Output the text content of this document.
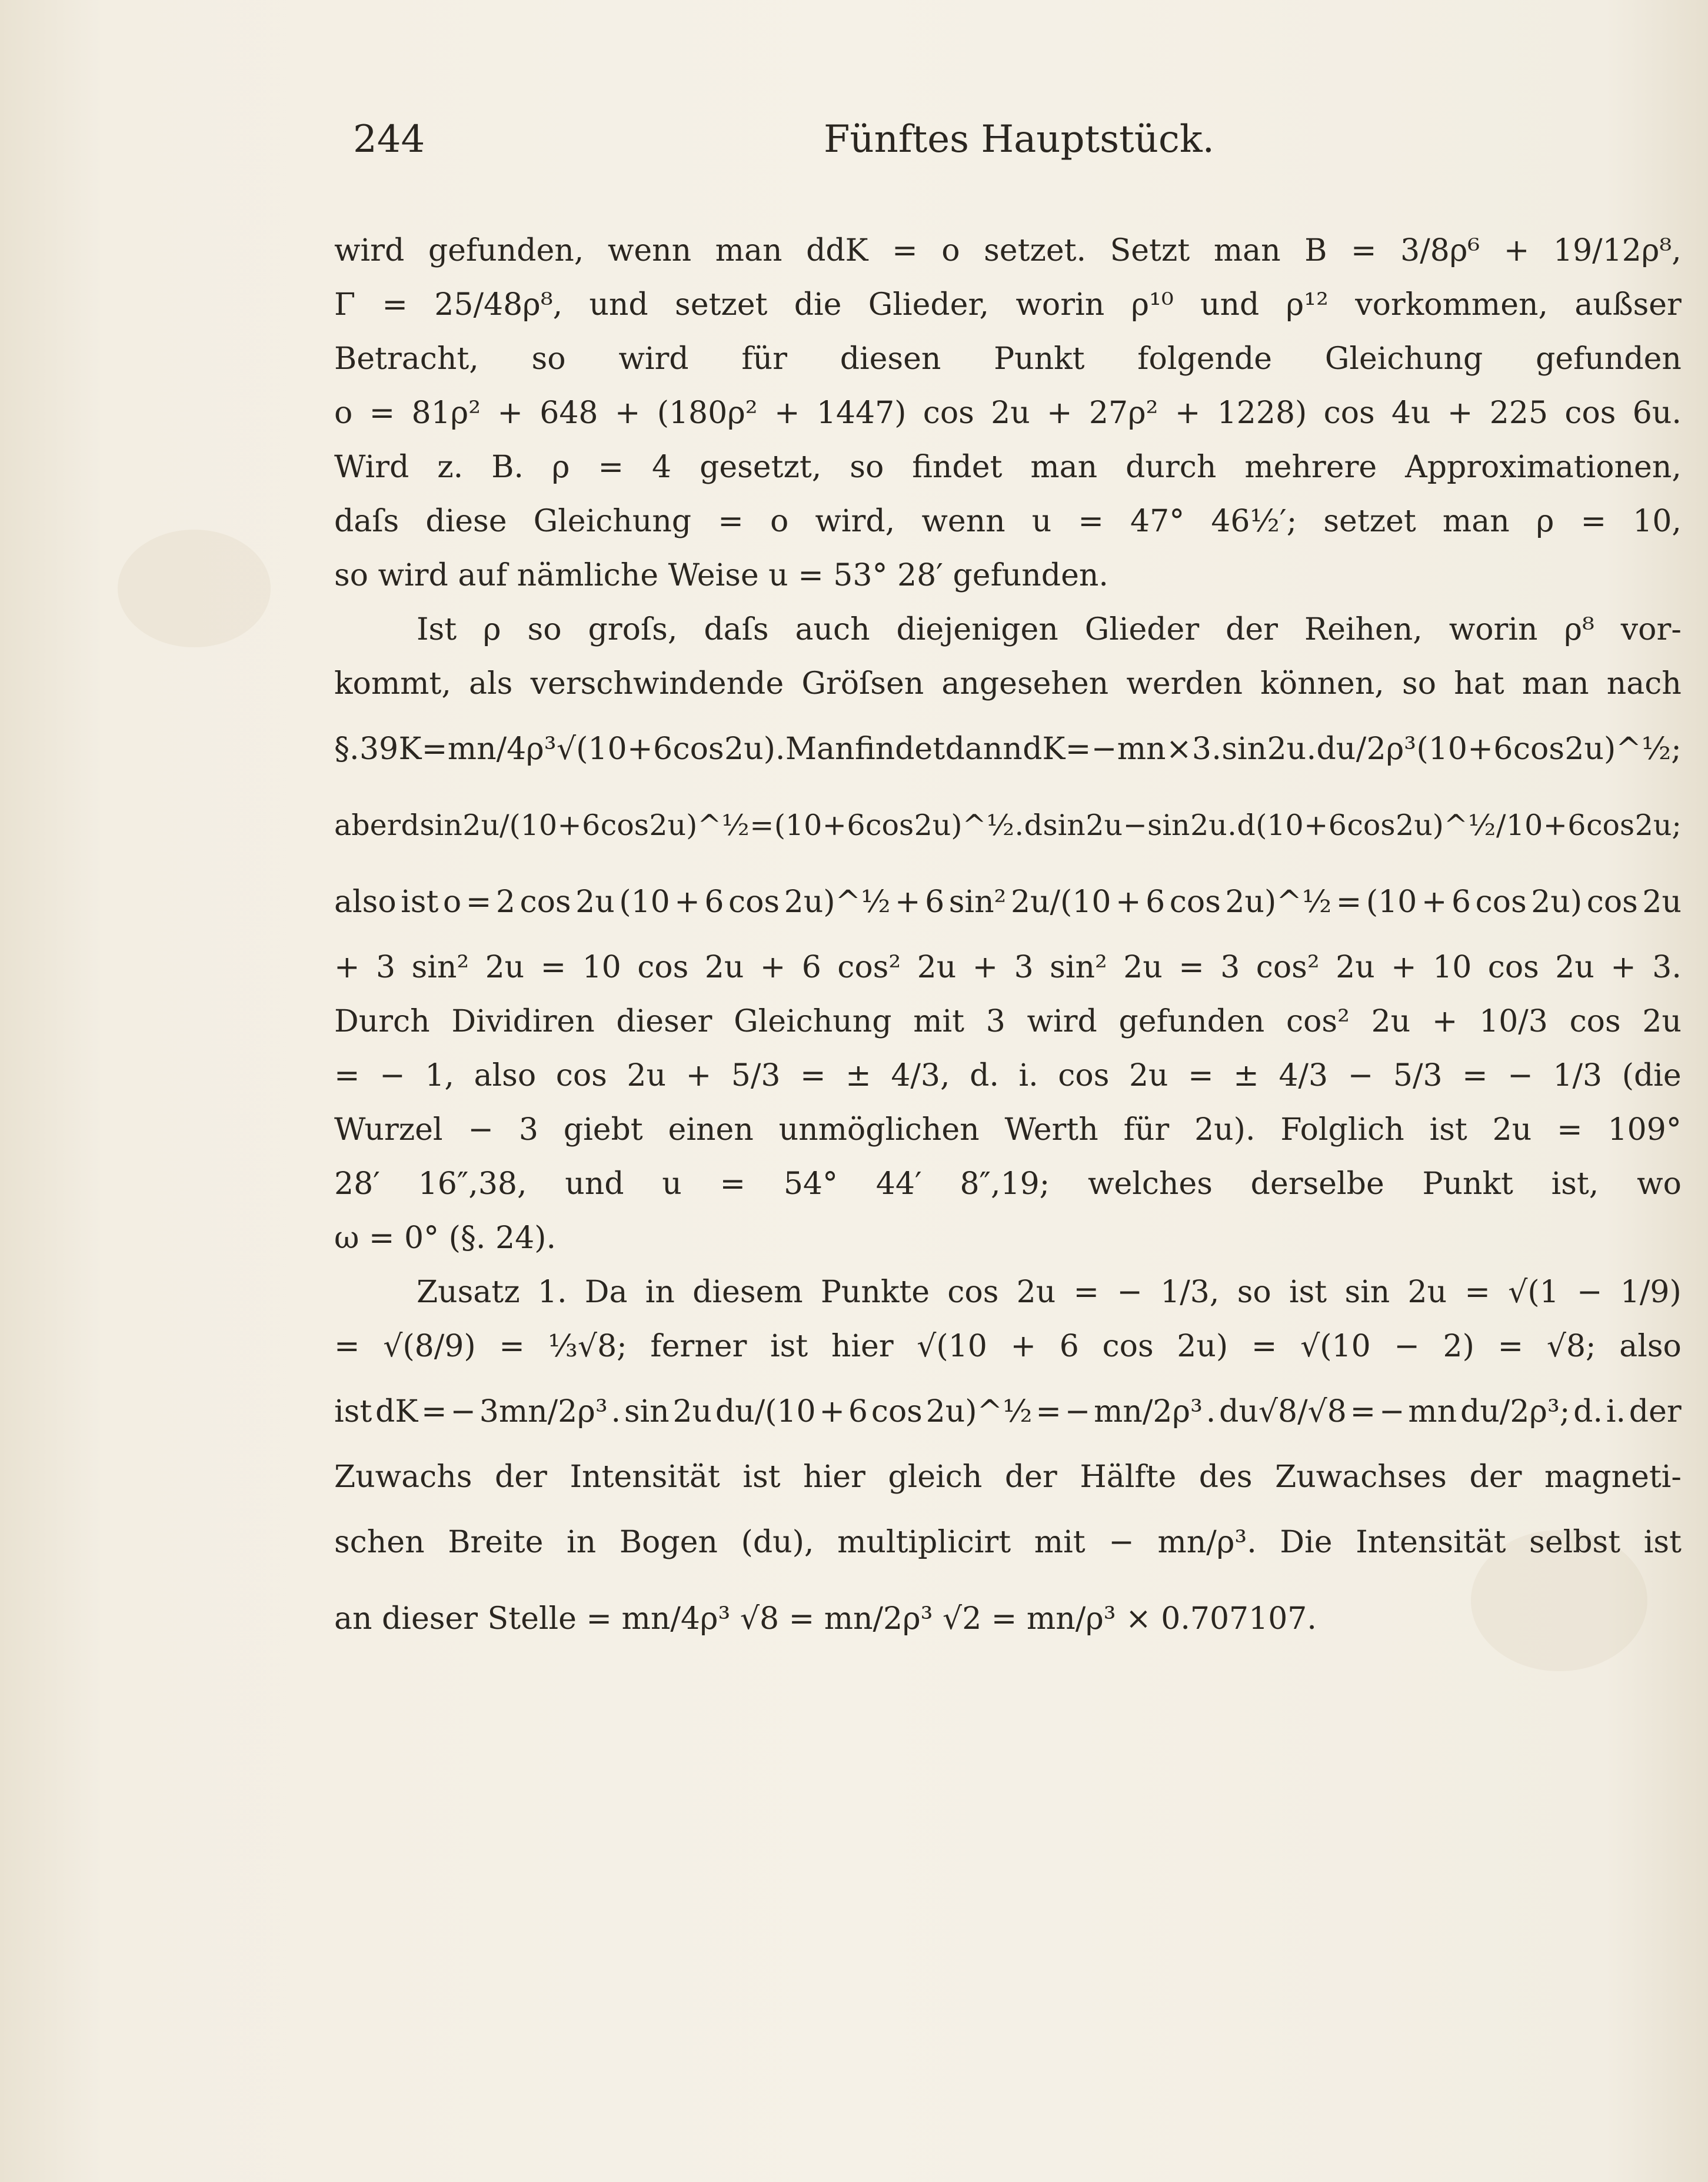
244	Fünftes Hauptstück.
wird gefunden, wenn man ddK = o setzet. Setzt man B = 3/8ρ⁶ + 19/12ρ⁸,
Γ = 25/48ρ⁸, und setzet die Glieder, worin ρ¹⁰ und ρ¹² vorkommen, außser
Betracht, so wird für diesen Punkt folgende Gleichung gefunden
o = 81ρ² + 648 + (180ρ² + 1447) cos 2u + 27ρ² + 1228) cos 4u + 225 cos 6u.
Wird z. B. ρ = 4 gesetzt, so findet man durch mehrere Approximationen,
daſs diese Gleichung = o wird, wenn u = 47° 46½′; setzet man ρ = 10,
so wird auf nämliche Weise u = 53° 28′ gefunden.
Ist ρ so groſs, daſs auch diejenigen Glieder der Reihen, worin ρ⁸ vor-
kommt, als verschwindende Gröſsen angesehen werden können, so hat man nach
§. 39 K = mn/4ρ³ √(10 + 6 cos 2u). Man findet dann dK = − mn × 3 . sin 2u . du / 2ρ³ (10 + 6 cos 2u)^½;
aber d sin 2u/(10 + 6 cos 2u)^½ = (10 + 6 cos 2u)^½ . d sin 2u − sin 2u . d (10 + 6 cos 2u)^½ / 10 + 6 cos 2u;
also ist o = 2 cos 2u (10 + 6 cos 2u)^½ + 6 sin² 2u/(10 + 6 cos 2u)^½ = (10 + 6 cos 2u) cos 2u
+ 3 sin² 2u = 10 cos 2u + 6 cos² 2u + 3 sin² 2u = 3 cos² 2u + 10 cos 2u + 3.
Durch Dividiren dieser Gleichung mit 3 wird gefunden cos² 2u + 10/3 cos 2u
= − 1, also cos 2u + 5/3 = ± 4/3, d. i. cos 2u = ± 4/3 − 5/3 = − 1/3 (die
Wurzel − 3 giebt einen unmöglichen Werth für 2u). Folglich ist 2u = 109°
28′ 16″,38, und u = 54° 44′ 8″,19; welches derselbe Punkt ist, wo
ω = 0° (§. 24).
Zusatz 1. Da in diesem Punkte cos 2u = − 1/3, so ist sin 2u = √(1 − 1/9)
= √(8/9) = ⅓√8; ferner ist hier √(10 + 6 cos 2u) = √(10 − 2) = √8; also
ist dK = − 3mn/2ρ³ . sin 2u du/(10 + 6 cos 2u)^½ = − mn/2ρ³ . du√8/√8 = − mn du/2ρ³; d. i. der
Zuwachs der Intensität ist hier gleich der Hälfte des Zuwachses der magneti-
schen Breite in Bogen (du), multiplicirt mit − mn/ρ³. Die Intensität selbst ist
an dieser Stelle = mn/4ρ³ √8 = mn/2ρ³ √2 = mn/ρ³ × 0.707107.
